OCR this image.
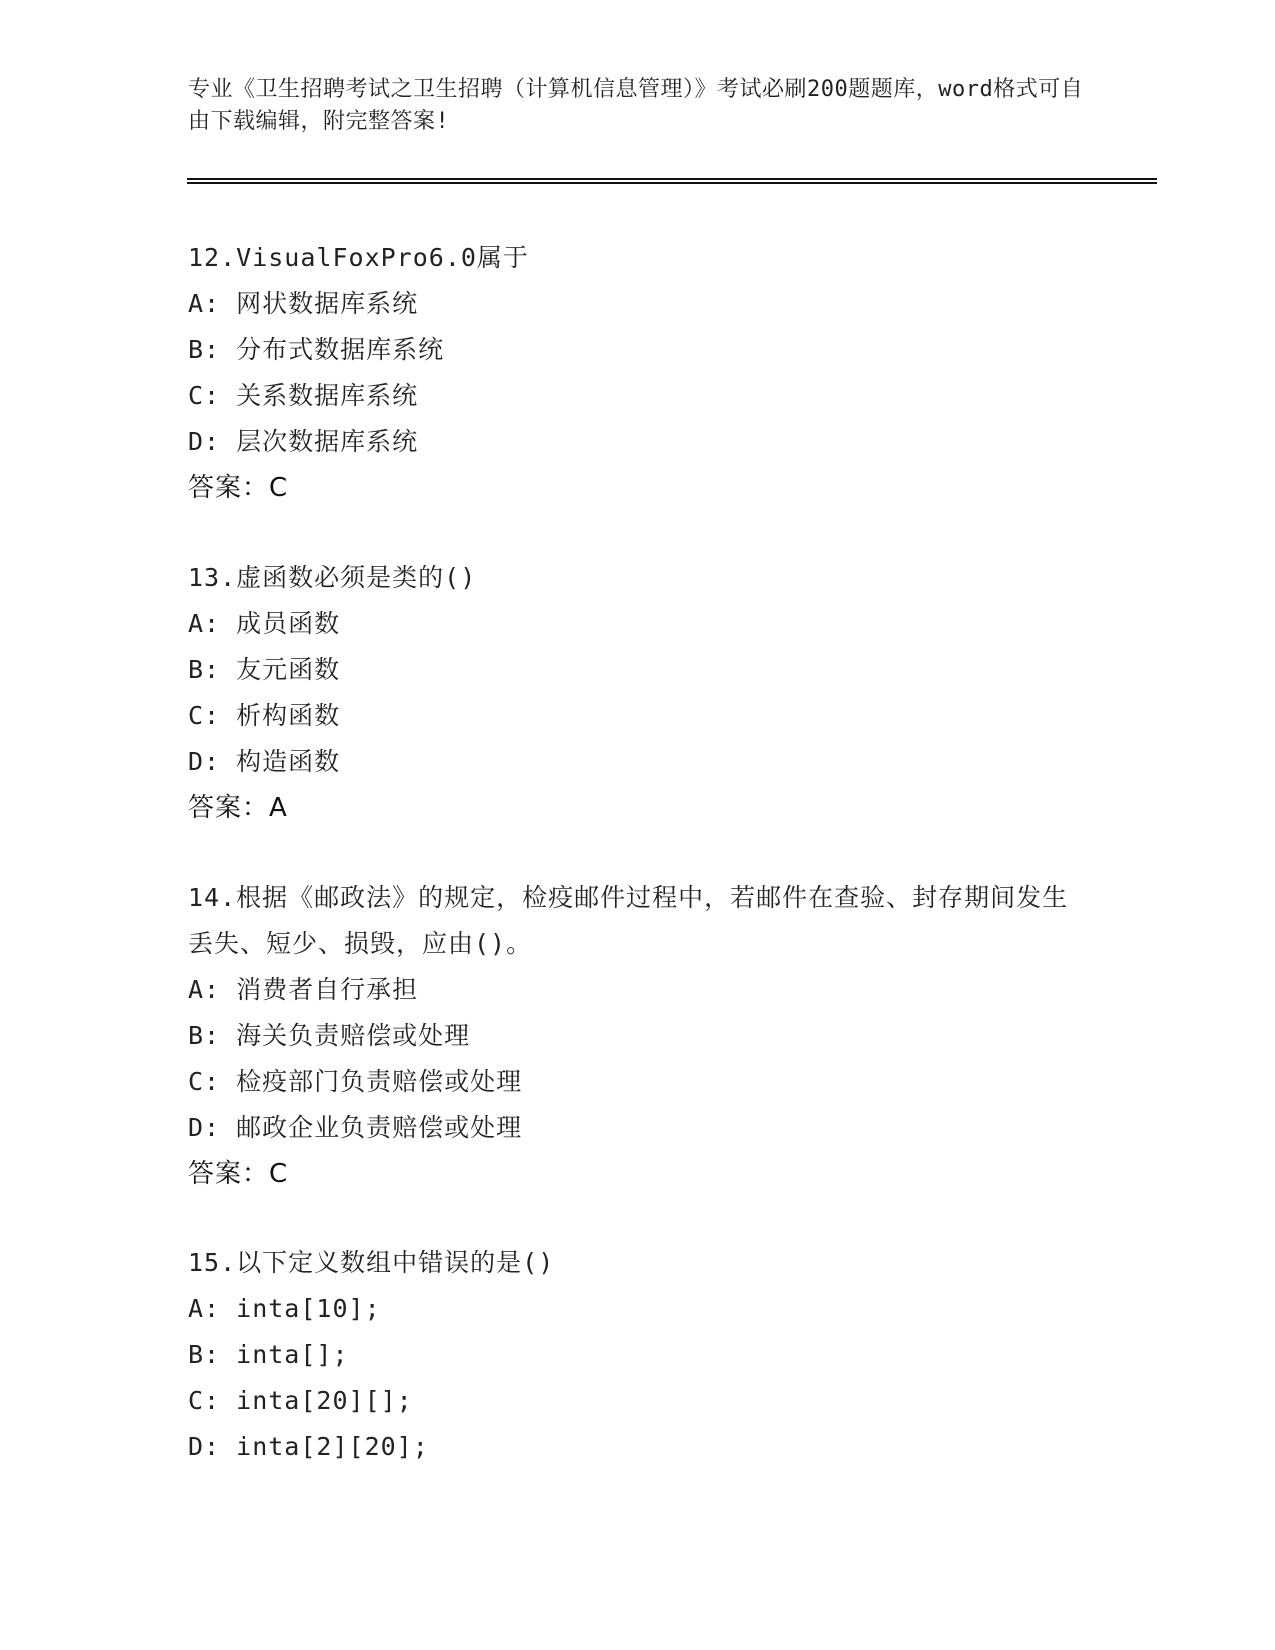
专业《卫生招聘考试之卫生招聘（计算机信息管理）》考试必刷200题题库，word格式可自由下载编辑，附完整答案!
12.VisualFoxPro6.0属于
A: 网状数据库系统
B: 分布式数据库系统
C: 关系数据库系统
D: 层次数据库系统
答案：C
13.虚函数必须是类的()
A: 成员函数
B: 友元函数
C: 析构函数
D: 构造函数
答案：A
14.根据《邮政法》的规定，检疫邮件过程中，若邮件在查验、封存期间发生丢失、短少、损毁，应由()。
A: 消费者自行承担
B: 海关负责赔偿或处理
C: 检疫部门负责赔偿或处理
D: 邮政企业负责赔偿或处理
答案：C
15.以下定义数组中错误的是()
A: inta[10];
B: inta[];
C: inta[20][];
D: inta[2][20];
